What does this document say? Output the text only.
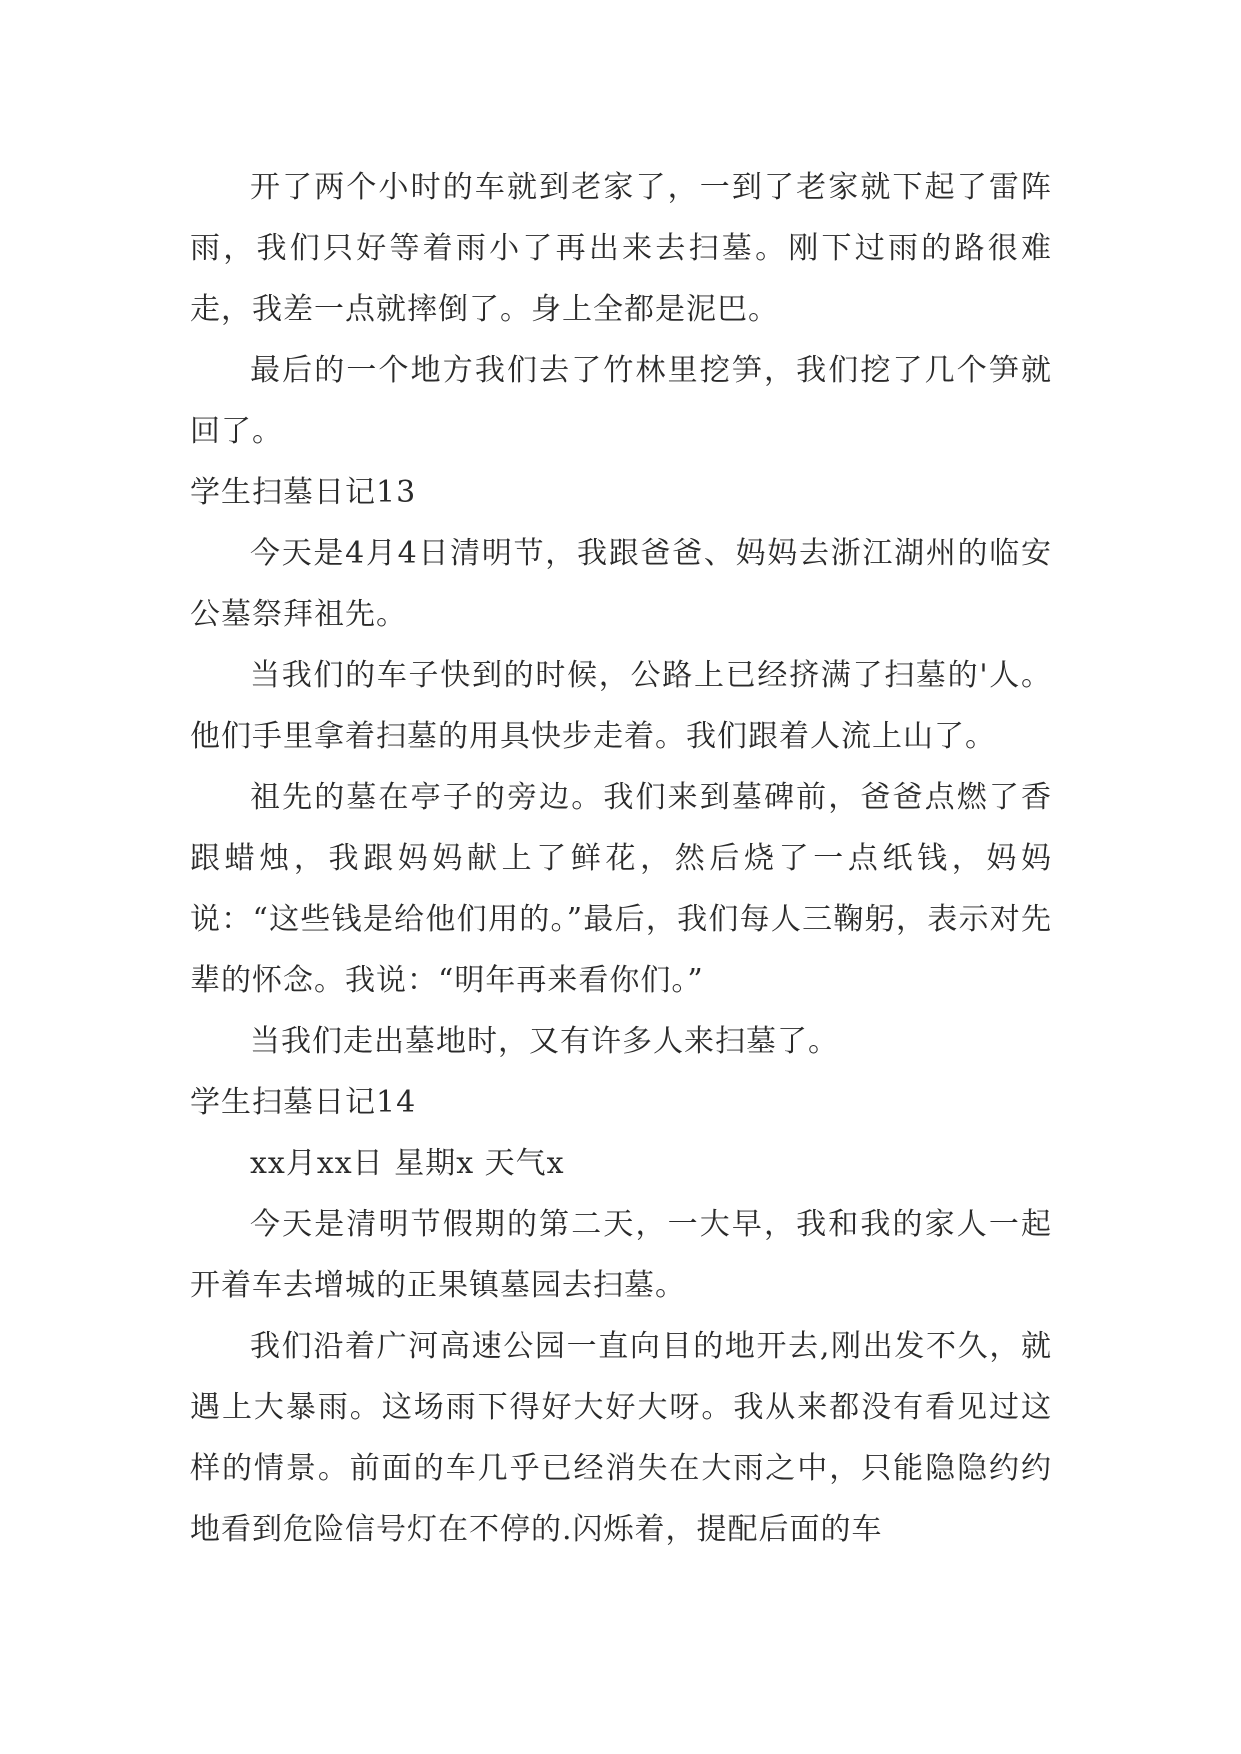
开了两个小时的车就到老家了，一到了老家就下起了雷阵雨，我们只好等着雨小了再出来去扫墓。刚下过雨的路很难走，我差一点就摔倒了。身上全都是泥巴。

最后的一个地方我们去了竹林里挖笋，我们挖了几个笋就回了。

学生扫墓日记13

今天是4月4日清明节，我跟爸爸、妈妈去浙江湖州的临安公墓祭拜祖先。

当我们的车子快到的时候，公路上已经挤满了扫墓的'人。他们手里拿着扫墓的用具快步走着。我们跟着人流上山了。

祖先的墓在亭子的旁边。我们来到墓碑前，爸爸点燃了香跟蜡烛，我跟妈妈献上了鲜花，然后烧了一点纸钱，妈妈说：“这些钱是给他们用的。”最后，我们每人三鞠躬，表示对先辈的怀念。我说：“明年再来看你们。”

当我们走出墓地时，又有许多人来扫墓了。

学生扫墓日记14

xx月xx日 星期x 天气x

今天是清明节假期的第二天，一大早，我和我的家人一起开着车去增城的正果镇墓园去扫墓。

我们沿着广河高速公园一直向目的地开去,刚出发不久，就遇上大暴雨。这场雨下得好大好大呀。我从来都没有看见过这样的情景。前面的车几乎已经消失在大雨之中，只能隐隐约约地看到危险信号灯在不停的.闪烁着，提配后面的车
